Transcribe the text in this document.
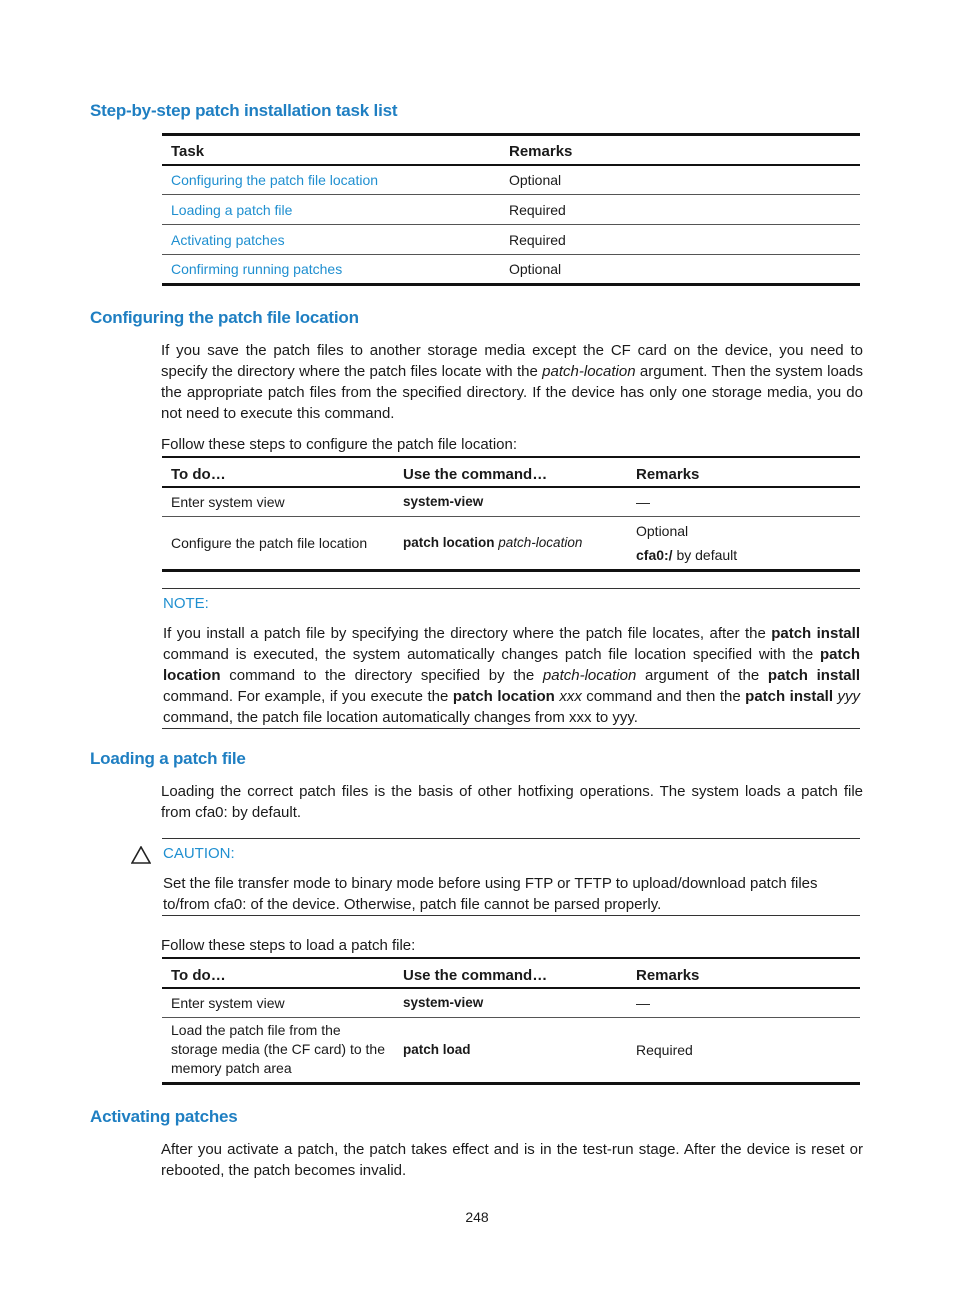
Step-by-step patch installation task list
Task	Remarks
Configuring the patch file location	Optional
Loading a patch file	Required
Activating patches	Required
Confirming running patches	Optional
Configuring the patch file location
If you save the patch files to another storage media except the CF card on the device, you need to specify the directory where the patch files locate with the patch-location argument. Then the system loads the appropriate patch files from the specified directory. If the device has only one storage media, you do not need to execute this command.
Follow these steps to configure the patch file location:
To do…	Use the command…	Remarks
Enter system view	system-view	—
Configure the patch file location	patch location patch-location	Optional
cfa0:/ by default
NOTE:
If you install a patch file by specifying the directory where the patch file locates, after the patch install command is executed, the system automatically changes patch file location specified with the patch location command to the directory specified by the patch-location argument of the patch install command. For example, if you execute the patch location xxx command and then the patch install yyy command, the patch file location automatically changes from xxx to yyy.
Loading a patch file
Loading the correct patch files is the basis of other hotfixing operations. The system loads a patch file from cfa0: by default.
CAUTION:
Set the file transfer mode to binary mode before using FTP or TFTP to upload/download patch files to/from cfa0: of the device. Otherwise, patch file cannot be parsed properly.
Follow these steps to load a patch file:
To do…	Use the command…	Remarks
Enter system view	system-view	—
Load the patch file from the storage media (the CF card) to the memory patch area	patch load	Required
Activating patches
After you activate a patch, the patch takes effect and is in the test-run stage. After the device is reset or rebooted, the patch becomes invalid.
248
